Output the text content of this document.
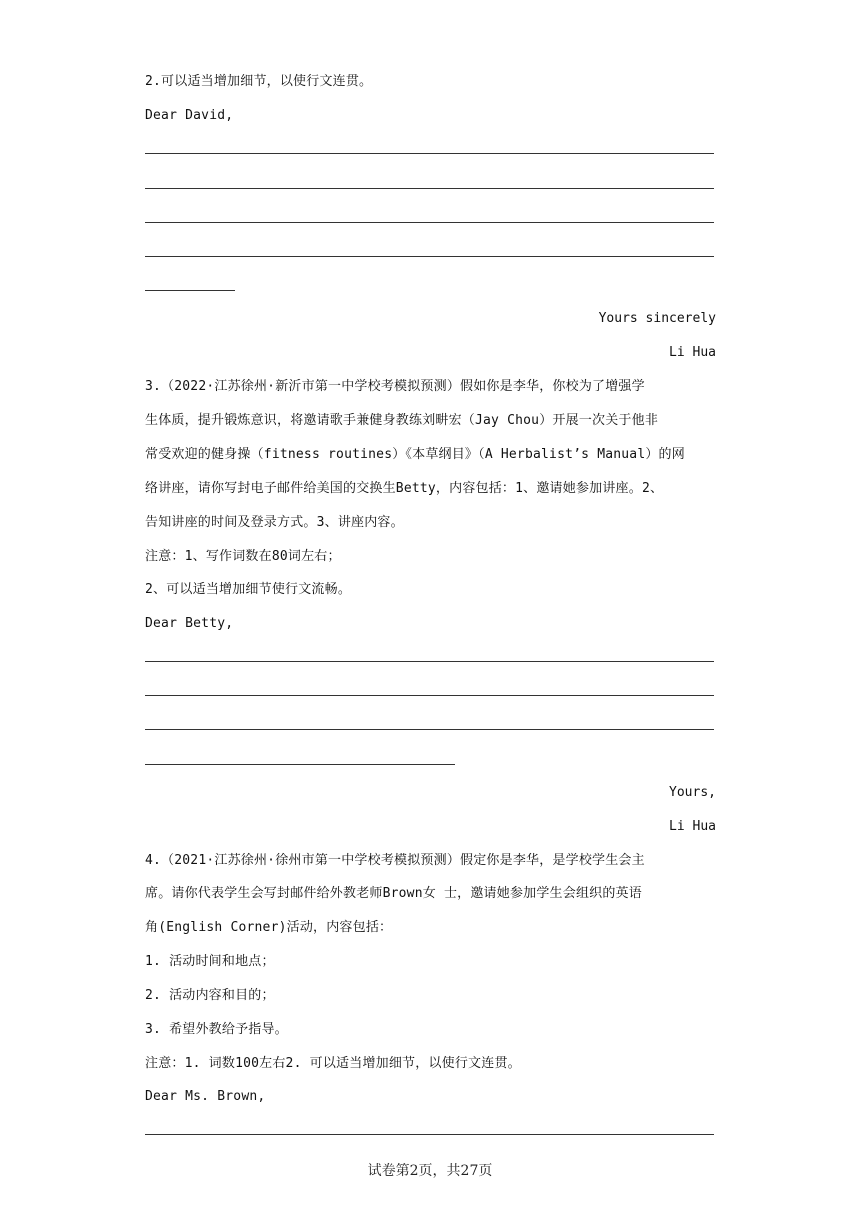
2.可以适当增加细节，以使行文连贯。
Dear David,
Yours sincerely
Li Hua
3.（2022·江苏徐州·新沂市第一中学校考模拟预测）假如你是李华，你校为了增强学
生体质，提升锻炼意识，将邀请歌手兼健身教练刘畊宏（Jay Chou）开展一次关于他非
常受欢迎的健身操（fitness routines）《本草纲目》（A Herbalist’s Manual）的网
络讲座，请你写封电子邮件给美国的交换生Betty，内容包括：1、邀请她参加讲座。2、
告知讲座的时间及登录方式。3、讲座内容。
注意：1、写作词数在80词左右；
2、可以适当增加细节使行文流畅。
Dear Betty,
Yours,
Li Hua
4.（2021·江苏徐州·徐州市第一中学校考模拟预测）假定你是李华，是学校学生会主
席。请你代表学生会写封邮件给外教老师Brown女 士，邀请她参加学生会组织的英语
角(English Corner)活动，内容包括：
1. 活动时间和地点；
2. 活动内容和目的；
3. 希望外教给予指导。
注意：1. 词数100左右2. 可以适当增加细节，以使行文连贯。
Dear Ms. Brown,
试卷第2页，共27页
